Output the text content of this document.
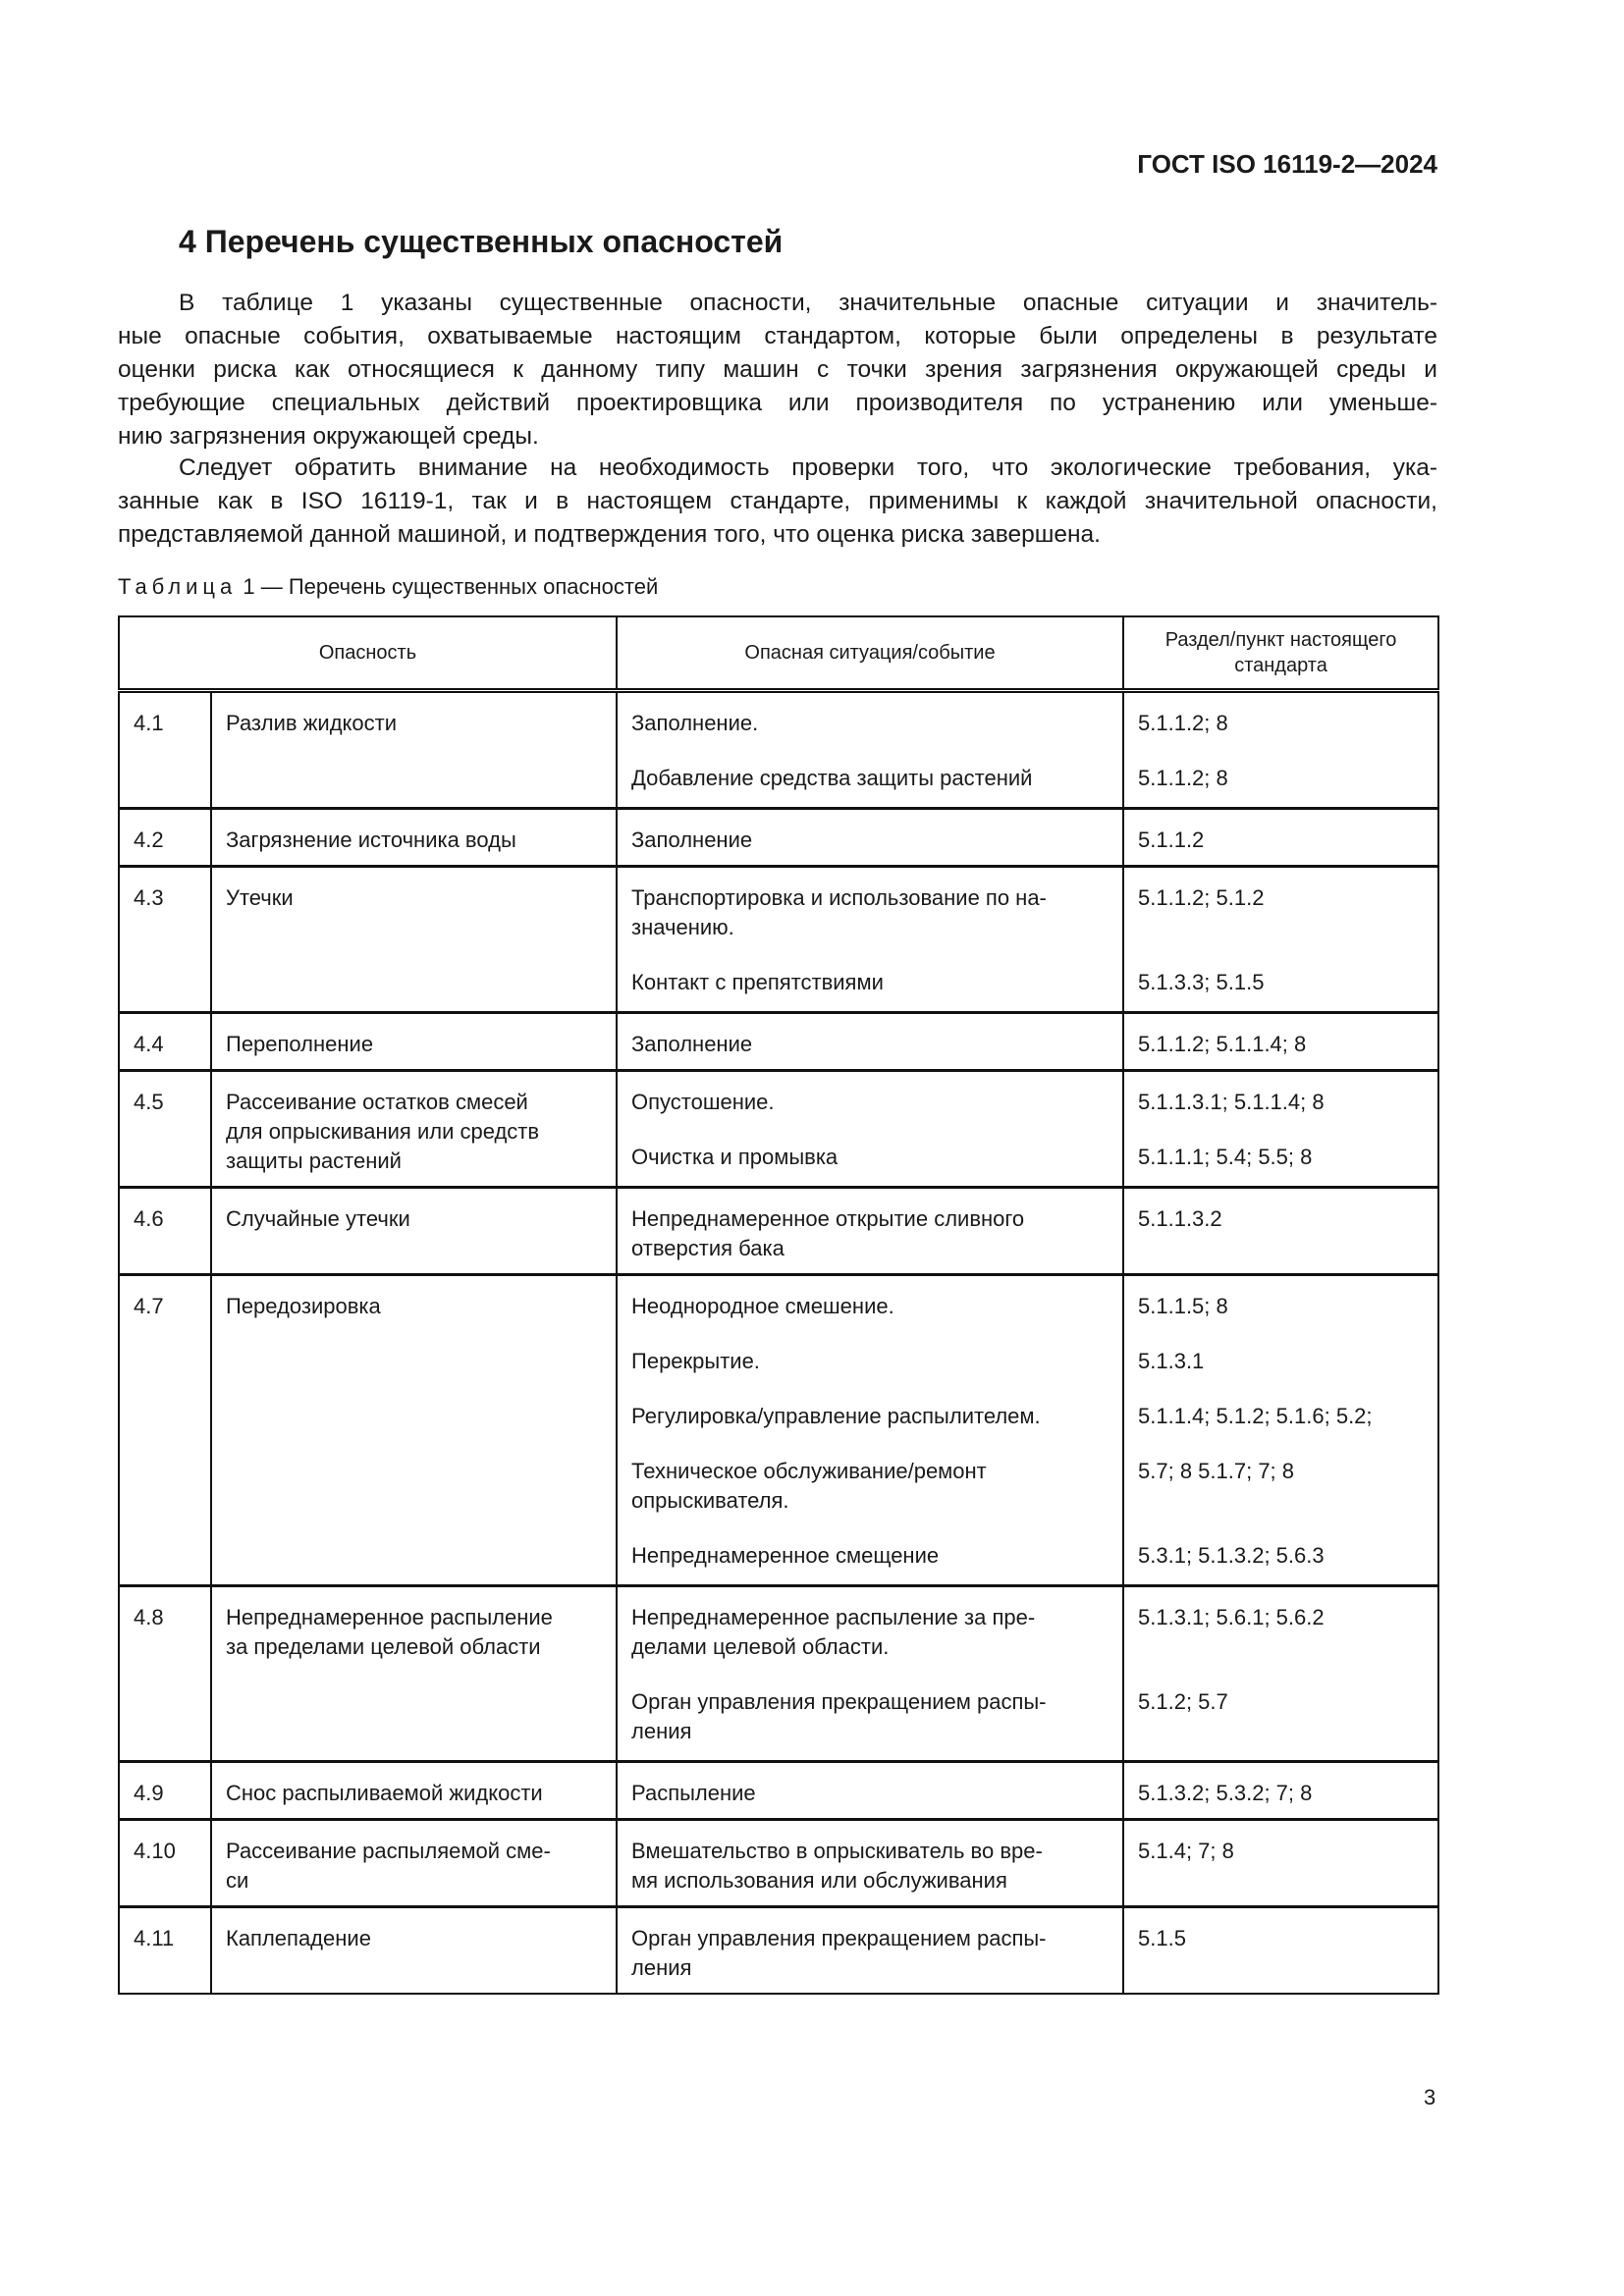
ГОСТ ISO 16119-2—2024
4 Перечень существенных опасностей
В таблице 1 указаны существенные опасности, значительные опасные ситуации и значитель-
ные опасные события, охватываемые настоящим стандартом, которые были определены в результате
оценки риска как относящиеся к данному типу машин с точки зрения загрязнения окружающей среды и
требующие специальных действий проектировщика или производителя по устранению или уменьше-
нию загрязнения окружающей среды.
Следует обратить внимание на необходимость проверки того, что экологические требования, ука-
занные как в ISO 16119-1, так и в настоящем стандарте, применимы к каждой значительной опасности,
представляемой данной машиной, и подтверждения того, что оценка риска завершена.
Таблица 1 — Перечень существенных опасностей
Опасность		Опасная ситуация/событие	Раздел/пункт настоящего
стандарта
4.1	Разлив жидкости	Заполнение.	5.1.1.2; 8
		Добавление средства защиты растений	5.1.1.2; 8
4.2	Загрязнение источника воды	Заполнение	5.1.1.2
4.3	Утечки	Транспортировка и использование по на-
значению.	5.1.1.2; 5.1.2
		Контакт с препятствиями	5.1.3.3; 5.1.5
4.4	Переполнение	Заполнение	5.1.1.2; 5.1.1.4; 8
4.5	Рассеивание остатков смесей
для опрыскивания или средств
защиты растений	Опустошение.	5.1.1.3.1; 5.1.1.4; 8
		Очистка и промывка	5.1.1.1; 5.4; 5.5; 8
4.6	Случайные утечки	Непреднамеренное открытие сливного
отверстия бака	5.1.1.3.2
4.7	Передозировка	Неоднородное смешение.	5.1.1.5; 8
		Перекрытие.	5.1.3.1
		Регулировка/управление распылителем.	5.1.1.4; 5.1.2; 5.1.6; 5.2;
		Техническое обслуживание/ремонт
опрыскивателя.	5.7; 8 5.1.7; 7; 8
		Непреднамеренное смещение	5.3.1; 5.1.3.2; 5.6.3
4.8	Непреднамеренное распыление
за пределами целевой области	Непреднамеренное распыление за пре-
делами целевой области.	5.1.3.1; 5.6.1; 5.6.2
		Орган управления прекращением распы-
ления	5.1.2; 5.7
4.9	Снос распыливаемой жидкости	Распыление	5.1.3.2; 5.3.2; 7; 8
4.10	Рассеивание распыляемой сме-
си	Вмешательство в опрыскиватель во вре-
мя использования или обслуживания	5.1.4; 7; 8
4.11	Каплепадение	Орган управления прекращением распы-
ления	5.1.5
3
